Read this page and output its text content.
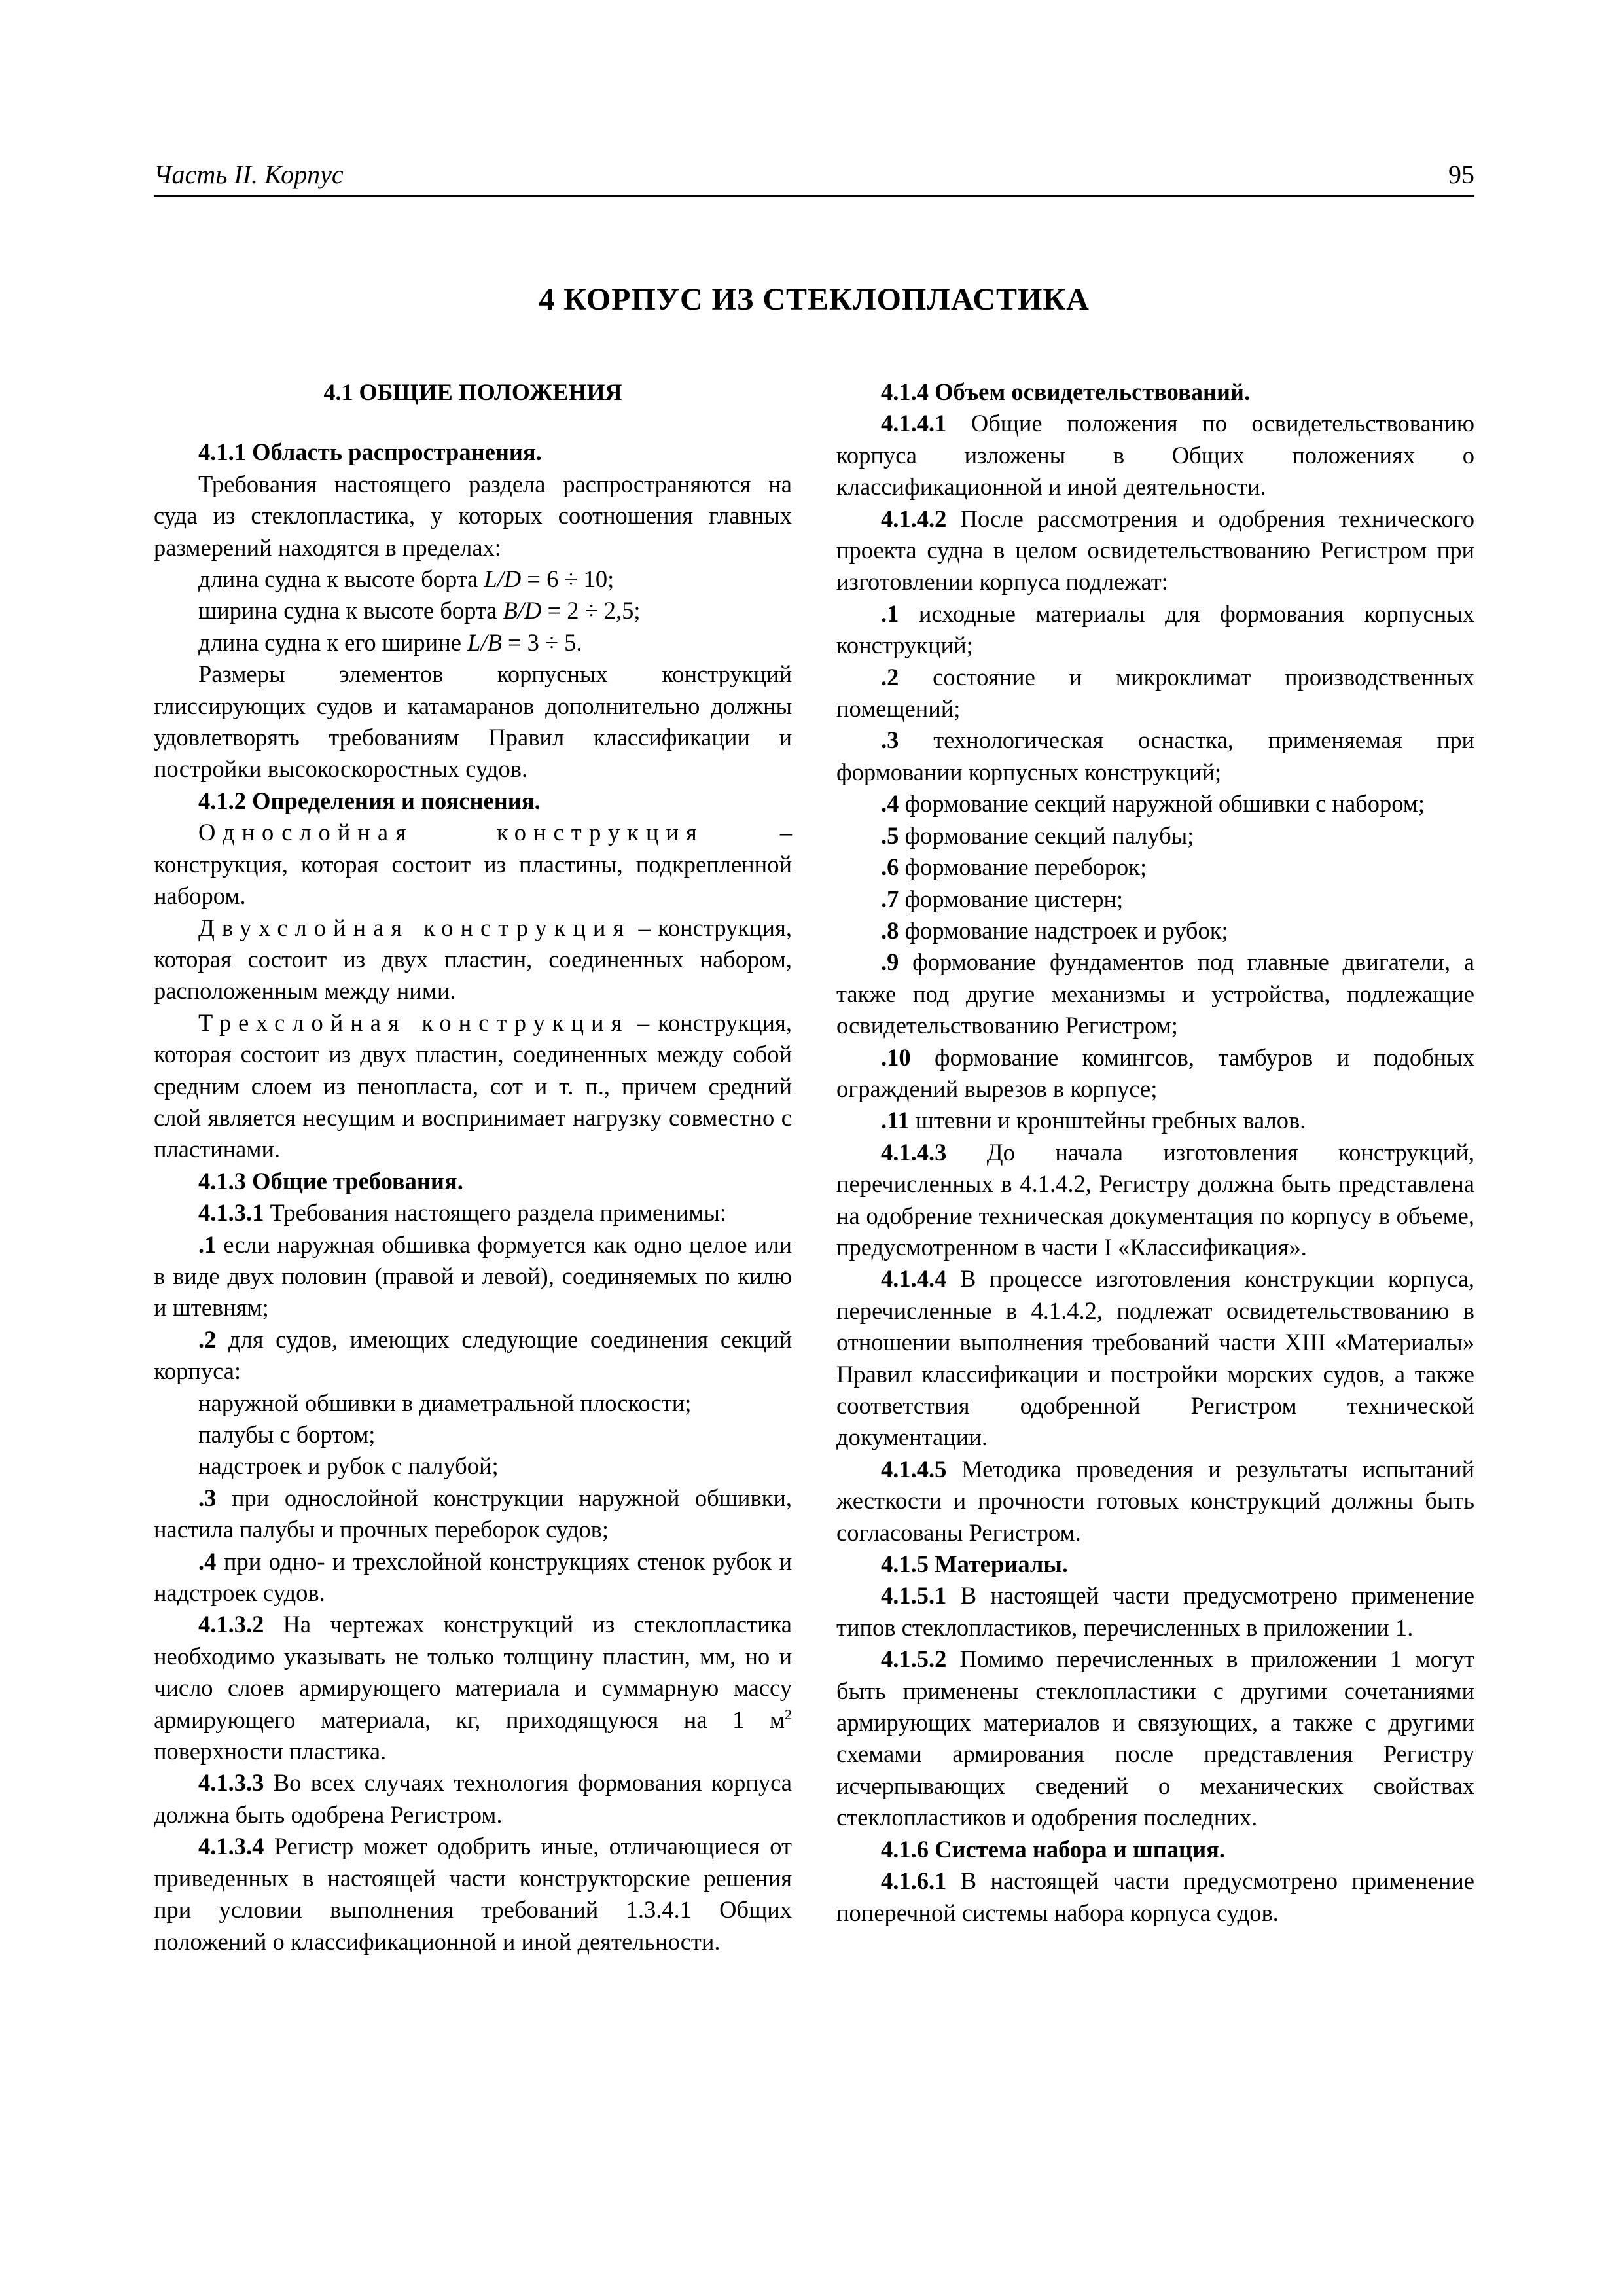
Часть II. Корпус	95
4 КОРПУС ИЗ СТЕКЛОПЛАСТИКА

4.1 ОБЩИЕ ПОЛОЖЕНИЯ

4.1.1 Область распространения.

Требования настоящего раздела распространяются на суда из стеклопластика, у которых соотношения главных размерений находятся в пределах:

длина судна к высоте борта L/D = 6 ÷ 10;

ширина судна к высоте борта B/D = 2 ÷ 2,5;

длина судна к его ширине L/B = 3 ÷ 5.

Размеры элементов корпусных конструкций глиссирующих судов и катамаранов дополнительно должны удовлетворять требованиям Правил классификации и постройки высокоскоростных судов.

4.1.2 Определения и пояснения.

Однослойная конструкция – конструкция, которая состоит из пластины, подкрепленной набором.

Двухслойная конструкция – конструкция, которая состоит из двух пластин, соединенных набором, расположенным между ними.

Трехслойная конструкция – конструкция, которая состоит из двух пластин, соединенных между собой средним слоем из пенопласта, сот и т. п., причем средний слой является несущим и воспринимает нагрузку совместно с пластинами.

4.1.3 Общие требования.

4.1.3.1 Требования настоящего раздела применимы:

.1 если наружная обшивка формуется как одно целое или в виде двух половин (правой и левой), соединяемых по килю и штевням;

.2 для судов, имеющих следующие соединения секций корпуса:

наружной обшивки в диаметральной плоскости;

палубы с бортом;

надстроек и рубок с палубой;

.3 при однослойной конструкции наружной обшивки, настила палубы и прочных переборок судов;

.4 при одно- и трехслойной конструкциях стенок рубок и надстроек судов.

4.1.3.2 На чертежах конструкций из стеклопластика необходимо указывать не только толщину пластин, мм, но и число слоев армирующего материала и суммарную массу армирующего материала, кг, приходящуюся на 1 $м^2$ поверхности пластика.

4.1.3.3 Во всех случаях технология формования корпуса должна быть одобрена Регистром.

4.1.3.4 Регистр может одобрить иные, отличающиеся от приведенных в настоящей части конструкторские решения при условии выполнения требований 1.3.4.1 Общих положений о классификационной и иной деятельности.

4.1.4 Объем освидетельствований.

4.1.4.1 Общие положения по освидетельствованию корпуса изложены в Общих положениях о классификационной и иной деятельности.

4.1.4.2 После рассмотрения и одобрения технического проекта судна в целом освидетельствованию Регистром при изготовлении корпуса подлежат:

.1 исходные материалы для формования корпусных конструкций;

.2 состояние и микроклимат производственных помещений;

.3 технологическая оснастка, применяемая при формовании корпусных конструкций;

.4 формование секций наружной обшивки с набором;

.5 формование секций палубы;

.6 формование переборок;

.7 формование цистерн;

.8 формование надстроек и рубок;

.9 формование фундаментов под главные двигатели, а также под другие механизмы и устройства, подлежащие освидетельствованию Регистром;

.10 формование комингсов, тамбуров и подобных ограждений вырезов в корпусе;

.11 штевни и кронштейны гребных валов.

4.1.4.3 До начала изготовления конструкций, перечисленных в 4.1.4.2, Регистру должна быть представлена на одобрение техническая документация по корпусу в объеме, предусмотренном в части I «Классификация».

4.1.4.4 В процессе изготовления конструкции корпуса, перечисленные в 4.1.4.2, подлежат освидетельствованию в отношении выполнения требований части XIII «Материалы» Правил классификации и постройки морских судов, а также соответствия одобренной Регистром технической документации.

4.1.4.5 Методика проведения и результаты испытаний жесткости и прочности готовых конструкций должны быть согласованы Регистром.

4.1.5 Материалы.

4.1.5.1 В настоящей части предусмотрено применение типов стеклопластиков, перечисленных в приложении 1.

4.1.5.2 Помимо перечисленных в приложении 1 могут быть применены стеклопластики с другими сочетаниями армирующих материалов и связующих, а также с другими схемами армирования после представления Регистру исчерпывающих сведений о механических свойствах стеклопластиков и одобрения последних.

4.1.6 Система набора и шпация.

4.1.6.1 В настоящей части предусмотрено применение поперечной системы набора корпуса судов.
